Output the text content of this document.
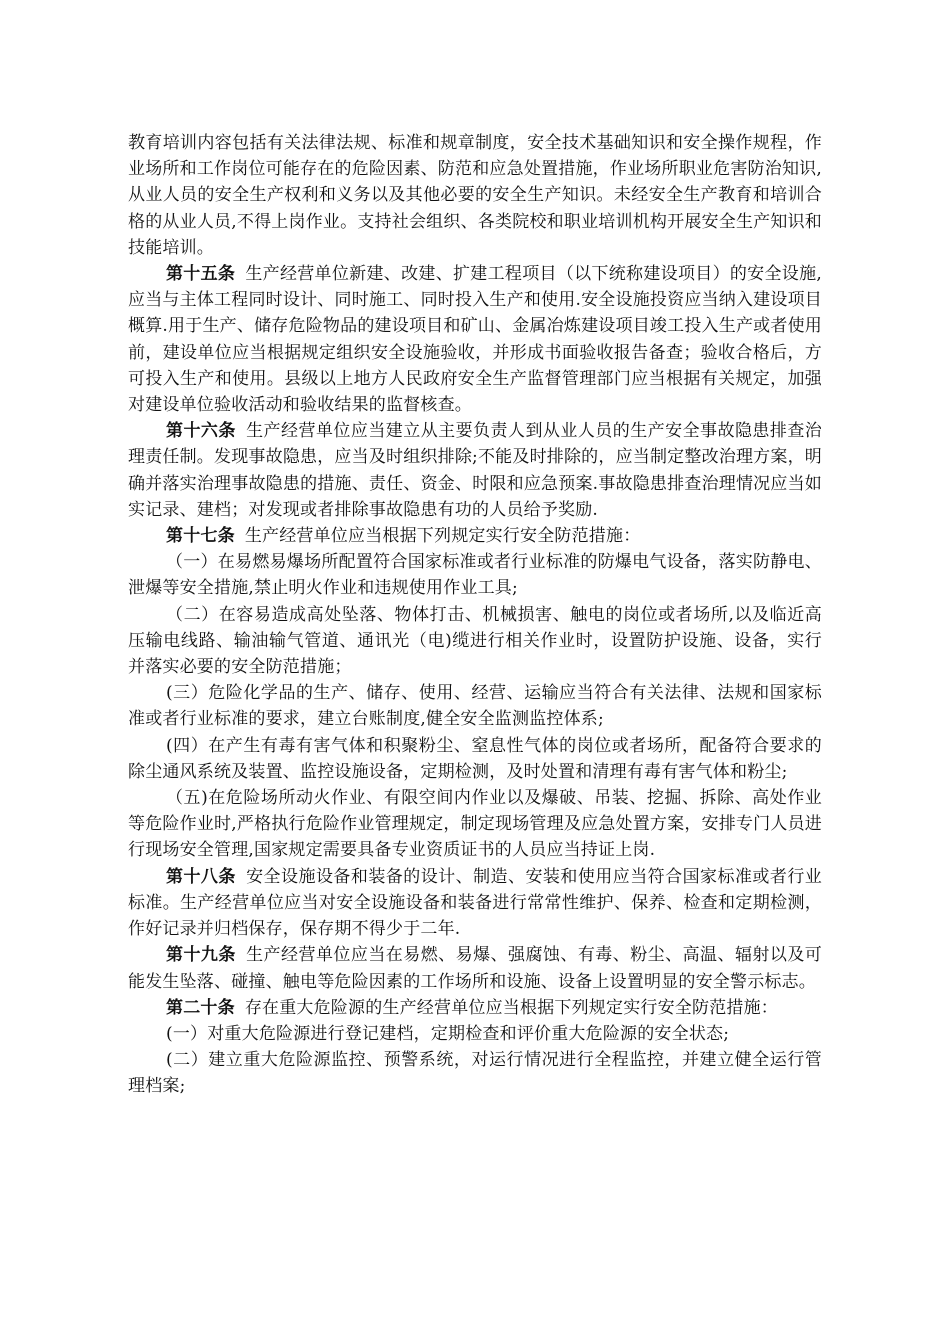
教育培训内容包括有关法律法规、标准和规章制度，安全技术基础知识和安全操作规程，作业场所和工作岗位可能存在的危险因素、防范和应急处置措施，作业场所职业危害防治知识,从业人员的安全生产权利和义务以及其他必要的安全生产知识。未经安全生产教育和培训合格的从业人员,不得上岗作业。支持社会组织、各类院校和职业培训机构开展安全生产知识和技能培训。

第十五条 生产经营单位新建、改建、扩建工程项目（以下统称建设项目）的安全设施,应当与主体工程同时设计、同时施工、同时投入生产和使用.安全设施投资应当纳入建设项目概算.用于生产、储存危险物品的建设项目和矿山、金属冶炼建设项目竣工投入生产或者使用前，建设单位应当根据规定组织安全设施验收，并形成书面验收报告备查；验收合格后，方可投入生产和使用。县级以上地方人民政府安全生产监督管理部门应当根据有关规定，加强对建设单位验收活动和验收结果的监督核查。

第十六条 生产经营单位应当建立从主要负责人到从业人员的生产安全事故隐患排查治理责任制。发现事故隐患，应当及时组织排除;不能及时排除的，应当制定整改治理方案，明确并落实治理事故隐患的措施、责任、资金、时限和应急预案.事故隐患排查治理情况应当如实记录、建档；对发现或者排除事故隐患有功的人员给予奖励.

第十七条 生产经营单位应当根据下列规定实行安全防范措施：

（一）在易燃易爆场所配置符合国家标准或者行业标准的防爆电气设备，落实防静电、泄爆等安全措施,禁止明火作业和违规使用作业工具;

（二）在容易造成高处坠落、物体打击、机械损害、触电的岗位或者场所,以及临近高压输电线路、输油输气管道、通讯光（电)缆进行相关作业时，设置防护设施、设备，实行并落实必要的安全防范措施；

(三）危险化学品的生产、储存、使用、经营、运输应当符合有关法律、法规和国家标准或者行业标准的要求，建立台账制度,健全安全监测监控体系;

(四）在产生有毒有害气体和积聚粉尘、窒息性气体的岗位或者场所，配备符合要求的除尘通风系统及装置、监控设施设备，定期检测，及时处置和清理有毒有害气体和粉尘;

（五)在危险场所动火作业、有限空间内作业以及爆破、吊装、挖掘、拆除、高处作业等危险作业时,严格执行危险作业管理规定，制定现场管理及应急处置方案，安排专门人员进行现场安全管理,国家规定需要具备专业资质证书的人员应当持证上岗.

第十八条 安全设施设备和装备的设计、制造、安装和使用应当符合国家标准或者行业标准。生产经营单位应当对安全设施设备和装备进行常常性维护、保养、检查和定期检测，作好记录并归档保存，保存期不得少于二年.

第十九条 生产经营单位应当在易燃、易爆、强腐蚀、有毒、粉尘、高温、辐射以及可能发生坠落、碰撞、触电等危险因素的工作场所和设施、设备上设置明显的安全警示标志。

第二十条 存在重大危险源的生产经营单位应当根据下列规定实行安全防范措施：

(一）对重大危险源进行登记建档，定期检查和评价重大危险源的安全状态;

(二）建立重大危险源监控、预警系统，对运行情况进行全程监控，并建立健全运行管理档案;
